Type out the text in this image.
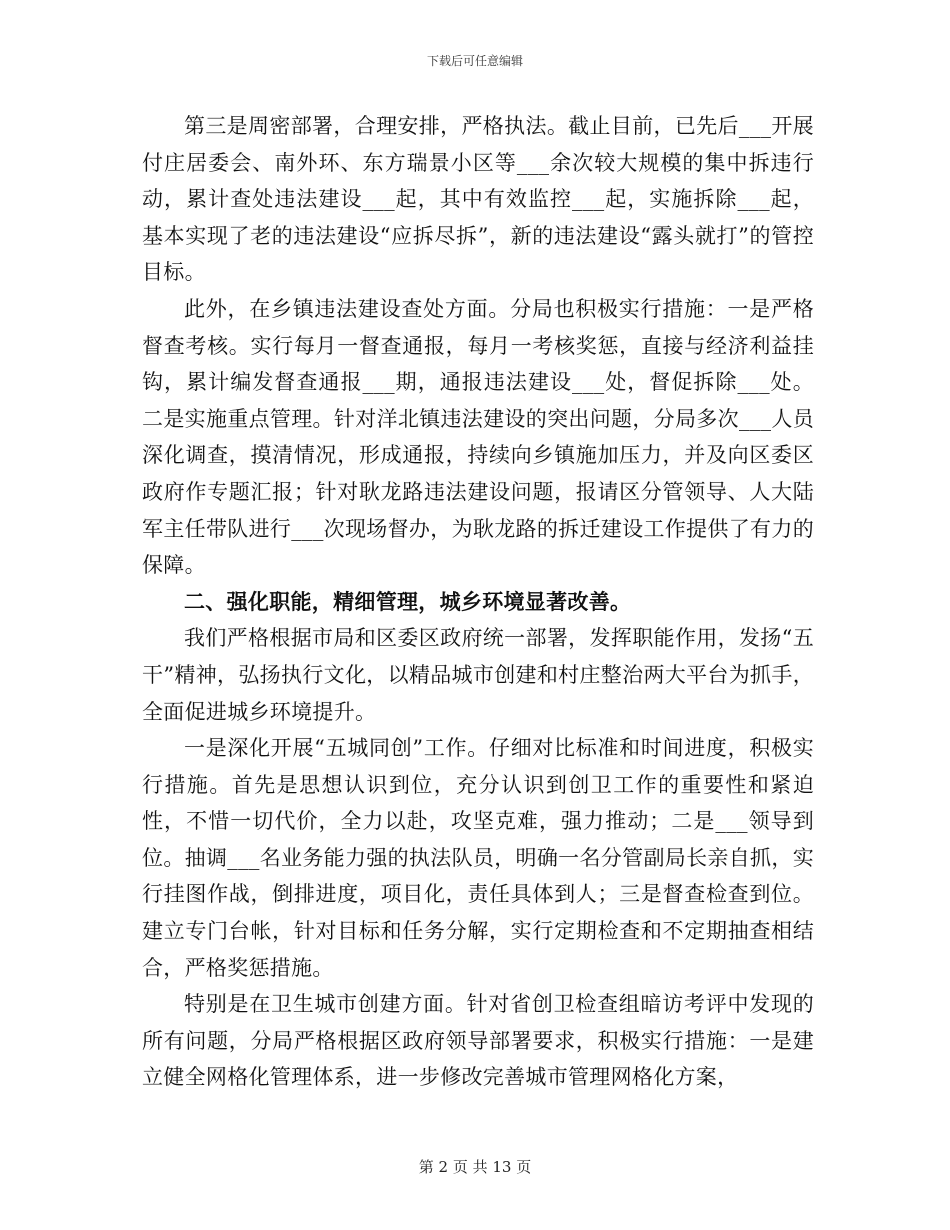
下载后可任意编辑

第三是周密部署，合理安排，严格执法。截止目前，已先后___开展付庄居委会、南外环、东方瑞景小区等___余次较大规模的集中拆违行动，累计查处违法建设___起，其中有效监控___起，实施拆除___起，基本实现了老的违法建设“应拆尽拆”，新的违法建设“露头就打”的管控目标。

此外，在乡镇违法建设查处方面。分局也积极实行措施：一是严格督查考核。实行每月一督查通报，每月一考核奖惩，直接与经济利益挂钩，累计编发督查通报___期，通报违法建设___处，督促拆除___处。二是实施重点管理。针对洋北镇违法建设的突出问题，分局多次___人员深化调查，摸清情况，形成通报，持续向乡镇施加压力，并及向区委区政府作专题汇报；针对耿龙路违法建设问题，报请区分管领导、人大陆军主任带队进行___次现场督办，为耿龙路的拆迁建设工作提供了有力的保障。

二、强化职能，精细管理，城乡环境显著改善。

我们严格根据市局和区委区政府统一部署，发挥职能作用，发扬“五干”精神，弘扬执行文化，以精品城市创建和村庄整治两大平台为抓手，全面促进城乡环境提升。

一是深化开展“五城同创”工作。仔细对比标准和时间进度，积极实行措施。首先是思想认识到位，充分认识到创卫工作的重要性和紧迫性，不惜一切代价，全力以赴，攻坚克难，强力推动；二是___领导到位。抽调___名业务能力强的执法队员，明确一名分管副局长亲自抓，实行挂图作战，倒排进度，项目化，责任具体到人；三是督查检查到位。建立专门台帐，针对目标和任务分解，实行定期检查和不定期抽查相结合，严格奖惩措施。

特别是在卫生城市创建方面。针对省创卫检查组暗访考评中发现的所有问题，分局严格根据区政府领导部署要求，积极实行措施：一是建立健全网格化管理体系，进一步修改完善城市管理网格化方案，

第 2 页 共 13 页
